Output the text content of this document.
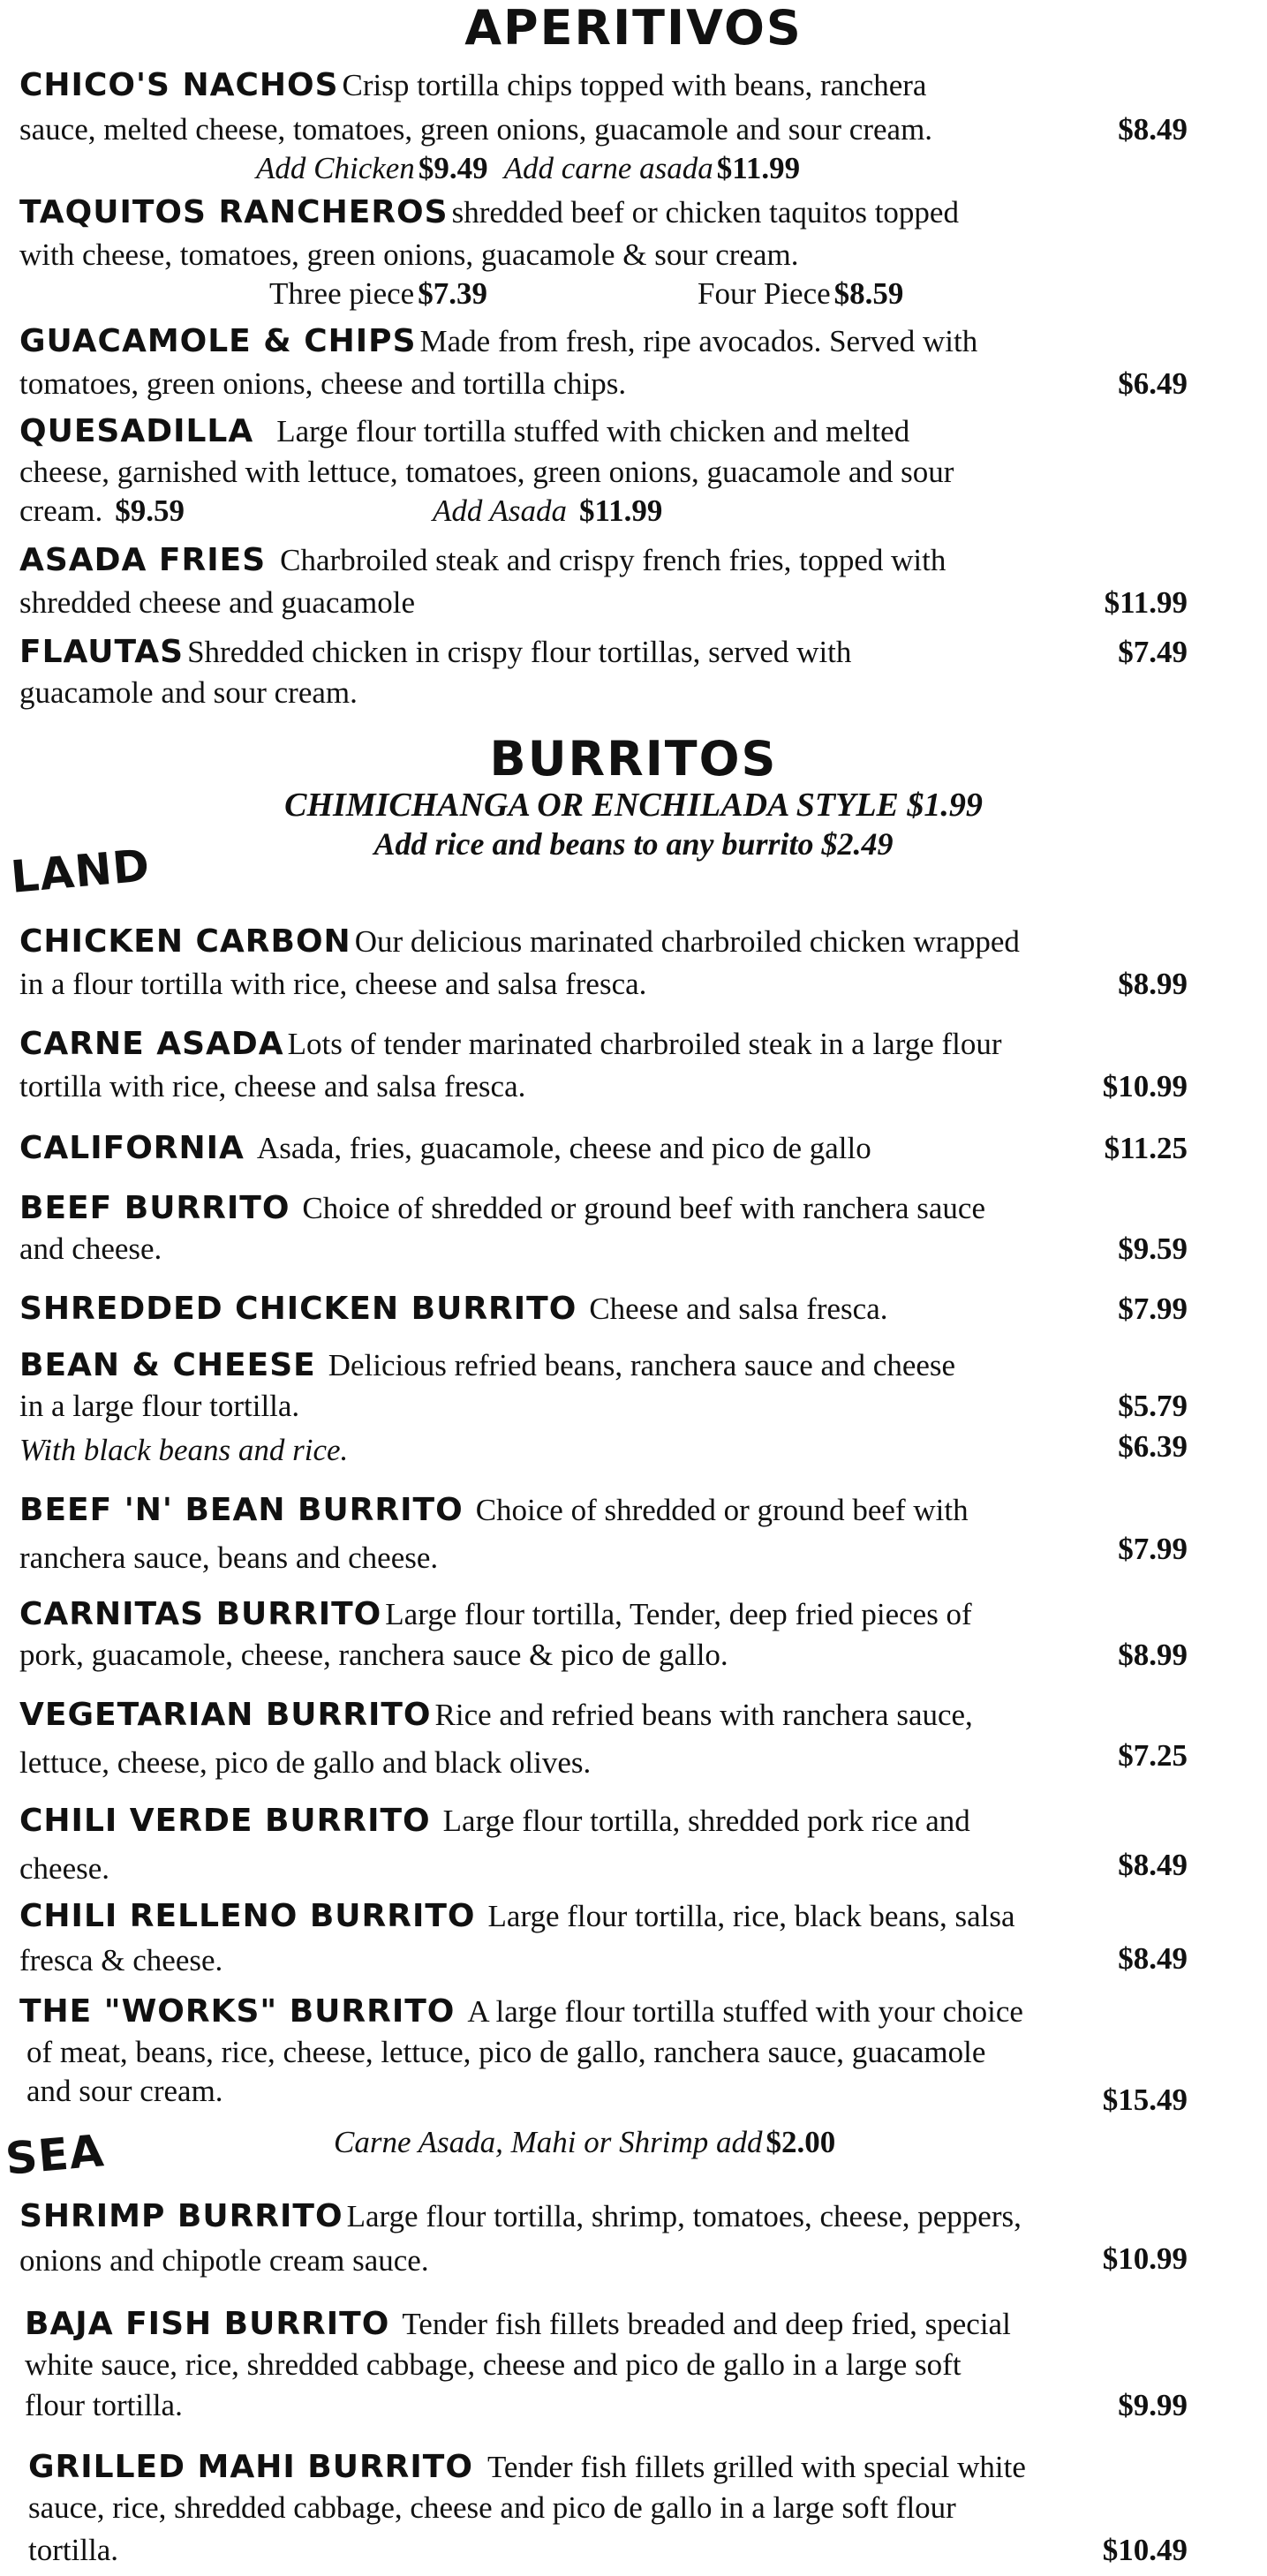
APERITIVOS
CHICO'S NACHOS Crisp tortilla chips topped with beans, ranchera
sauce, melted cheese, tomatoes, green onions, guacamole and sour cream.	$8.49
Add Chicken $9.49 Add carne asada $11.99
TAQUITOS RANCHEROS shredded beef or chicken taquitos topped
with cheese, tomatoes, green onions, guacamole & sour cream.
Three piece $7.39	Four Piece $8.59
GUACAMOLE & CHIPS Made from fresh, ripe avocados. Served with
tomatoes, green onions, cheese and tortilla chips.	$6.49
QUESADILLA Large flour tortilla stuffed with chicken and melted
cheese, garnished with lettuce, tomatoes, green onions, guacamole and sour
cream. $9.59	Add Asada $11.99
ASADA FRIES Charbroiled steak and crispy french fries, topped with
shredded cheese and guacamole	$11.99
FLAUTAS Shredded chicken in crispy flour tortillas, served with	$7.49
guacamole and sour cream.
BURRITOS
CHIMICHANGA OR ENCHILADA STYLE $1.99
Add rice and beans to any burrito $2.49
LAND
CHICKEN CARBON Our delicious marinated charbroiled chicken wrapped
in a flour tortilla with rice, cheese and salsa fresca.	$8.99
CARNE ASADA Lots of tender marinated charbroiled steak in a large flour
tortilla with rice, cheese and salsa fresca.	$10.99
CALIFORNIA Asada, fries, guacamole, cheese and pico de gallo	$11.25
BEEF BURRITO Choice of shredded or ground beef with ranchera sauce
and cheese.	$9.59
SHREDDED CHICKEN BURRITO Cheese and salsa fresca.	$7.99
BEAN & CHEESE Delicious refried beans, ranchera sauce and cheese
in a large flour tortilla.	$5.79
With black beans and rice.	$6.39
BEEF 'N' BEAN BURRITO Choice of shredded or ground beef with
ranchera sauce, beans and cheese.	$7.99
CARNITAS BURRITO Large flour tortilla, Tender, deep fried pieces of
pork, guacamole, cheese, ranchera sauce & pico de gallo.	$8.99
VEGETARIAN BURRITO Rice and refried beans with ranchera sauce,
lettuce, cheese, pico de gallo and black olives.	$7.25
CHILI VERDE BURRITO Large flour tortilla, shredded pork rice and
cheese.	$8.49
CHILI RELLENO BURRITO Large flour tortilla, rice, black beans, salsa
fresca & cheese.	$8.49
THE "WORKS" BURRITO A large flour tortilla stuffed with your choice
of meat, beans, rice, cheese, lettuce, pico de gallo, ranchera sauce, guacamole
and sour cream.	$15.49
Carne Asada, Mahi or Shrimp add $2.00
SEA
SHRIMP BURRITO Large flour tortilla, shrimp, tomatoes, cheese, peppers,
onions and chipotle cream sauce.	$10.99
BAJA FISH BURRITO Tender fish fillets breaded and deep fried, special
white sauce, rice, shredded cabbage, cheese and pico de gallo in a large soft
flour tortilla.	$9.99
GRILLED MAHI BURRITO Tender fish fillets grilled with special white
sauce, rice, shredded cabbage, cheese and pico de gallo in a large soft flour
tortilla.	$10.49
